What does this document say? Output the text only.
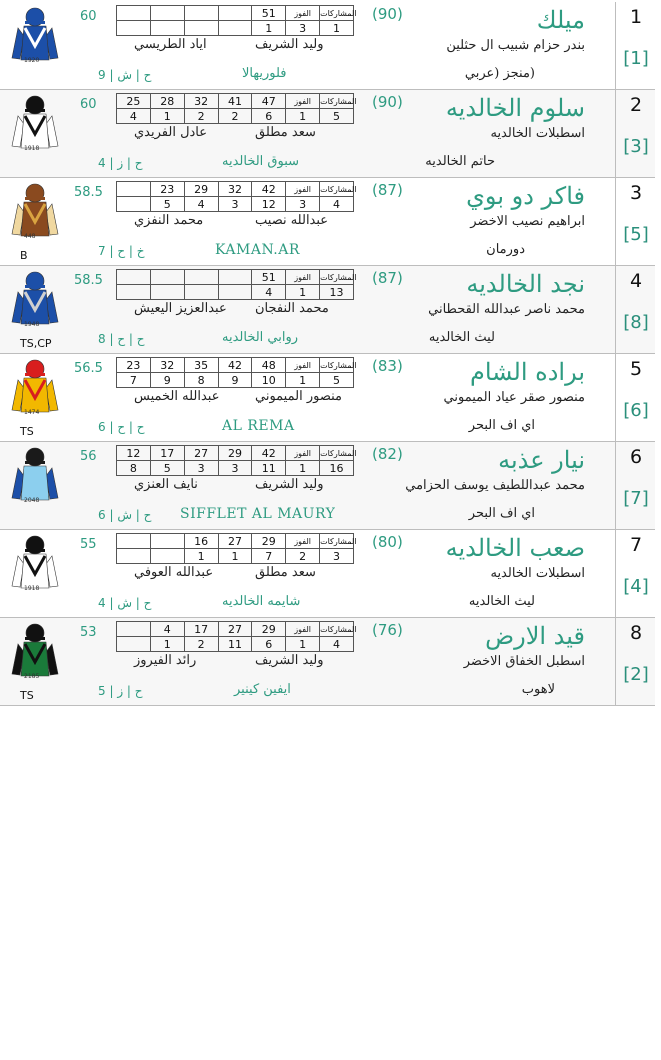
1
[1]
ميلك
(90)
بندر حزام شبيب ال حثلين
(منجز (عربي
60
					51	الفوز	المشاركات
				1	3	1
وليد الشريف
اياد الطريسي
فلوريهالا
ح | ش | 9
1920
2
[3]
سلوم الخالديه
(90)
اسطبلات الخالديه
حاتم الخالديه
60	25	28	32	41	47	الفوز	المشاركات
4	1	2	2	6	1	5
سعد مطلق
عادل الفريدي
سبوق الخالديه
ح | ز | 4
1918
3
[5]
فاكر دو بوي
(87)
ابراهيم نصيب الاخضر
دورمان
58.5
		23	29	32	42	الفوز	المشاركات
	5	4	3	12	3	4
عبدالله نصيب
محمد النفزي
KAMAN.AR
خ | ح | 7
448
B
4
[8]
نجد الخالديه
(87)
محمد ناصر عبدالله القحطاني
ليث الخالديه
58.5
					51	الفوز	المشاركات
				4	1	13
محمد النفجان
عبدالعزيز اليعيش
روابي الخالديه
ح | ح | 8
1948
TS,CP
5
[6]
براده الشام
(83)
منصور صقر عياد الميموني
اي اف البحر
56.5 23	32	35	42	48	الفوز	المشاركات
7	9	8	9	10	1	5
منصور الميموني
عبدالله الخميس
AL REMA
ح | ح | 6
1474
TS
6
[7]
نيار عذبه
(82)
محمد عبداللطيف يوسف الحزامي
اي اف البحر
56	12	17	27	29	42	الفوز	المشاركات
8	5	3	3	11	1	16
وليد الشريف
نايف العنزي
SIFFLET AL MAURY
ح | ش | 6
2048
7
[4]
صعب الخالديه
(80)
اسطبلات الخالديه
ليث الخالديه
55
			16	27	29	الفوز	المشاركات
		1	1	7	2	3
سعد مطلق
عبدالله العوفي
شايمه الخالديه
ح | ش | 4
1918
8
[2]
قيد الارض
(76)
اسطبل الخفاق الاخضر
لاهوب
53
		4	17	27	29	الفوز	المشاركات
	1	2	11	6	1	4
وليد الشريف
رائد الفيروز
ايفين كينير
ح | ز | 5
2185
TS
